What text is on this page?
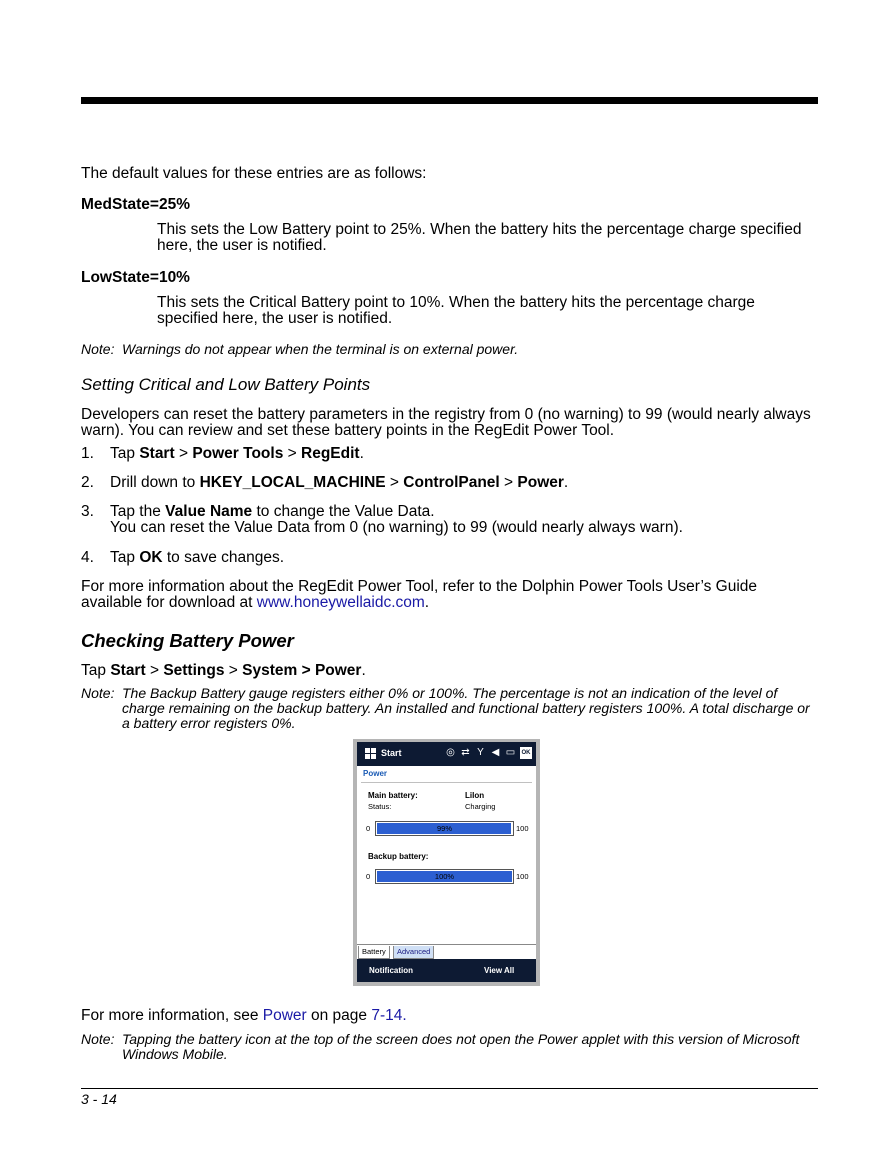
The default values for these entries are as follows:
MedState=25%
This sets the Low Battery point to 25%. When the battery hits the percentage charge specified here, the user is notified.
LowState=10%
This sets the Critical Battery point to 10%. When the battery hits the percentage charge specified here, the user is notified.
Note: Warnings do not appear when the terminal is on external power.
Setting Critical and Low Battery Points
Developers can reset the battery parameters in the registry from 0 (no warning) to 99 (would nearly always warn). You can review and set these battery points in the RegEdit Power Tool.
1. Tap Start > Power Tools > RegEdit.
2. Drill down to HKEY_LOCAL_MACHINE > ControlPanel > Power.
3. Tap the Value Name to change the Value Data.
You can reset the Value Data from 0 (no warning) to 99 (would nearly always warn).
4. Tap OK to save changes.
For more information about the RegEdit Power Tool, refer to the Dolphin Power Tools User’s Guide available for download at www.honeywellaidc.com.
Checking Battery Power
Tap Start > Settings > System > Power.
Note: The Backup Battery gauge registers either 0% or 100%. The percentage is not an indication of the level of charge remaining on the backup battery. An installed and functional battery registers 100%. A total discharge or a battery error registers 0%.
Start	◎ ⇄ Y ◀ ▭ OK
Power
Main battery:	LiIon
Status:	Charging
0	99%	100
Backup battery:
0	100%	100
Battery	Advanced
Notification	View All
For more information, see Power on page 7-14.
Note: Tapping the battery icon at the top of the screen does not open the Power applet with this version of Microsoft Windows Mobile.
3 - 14
